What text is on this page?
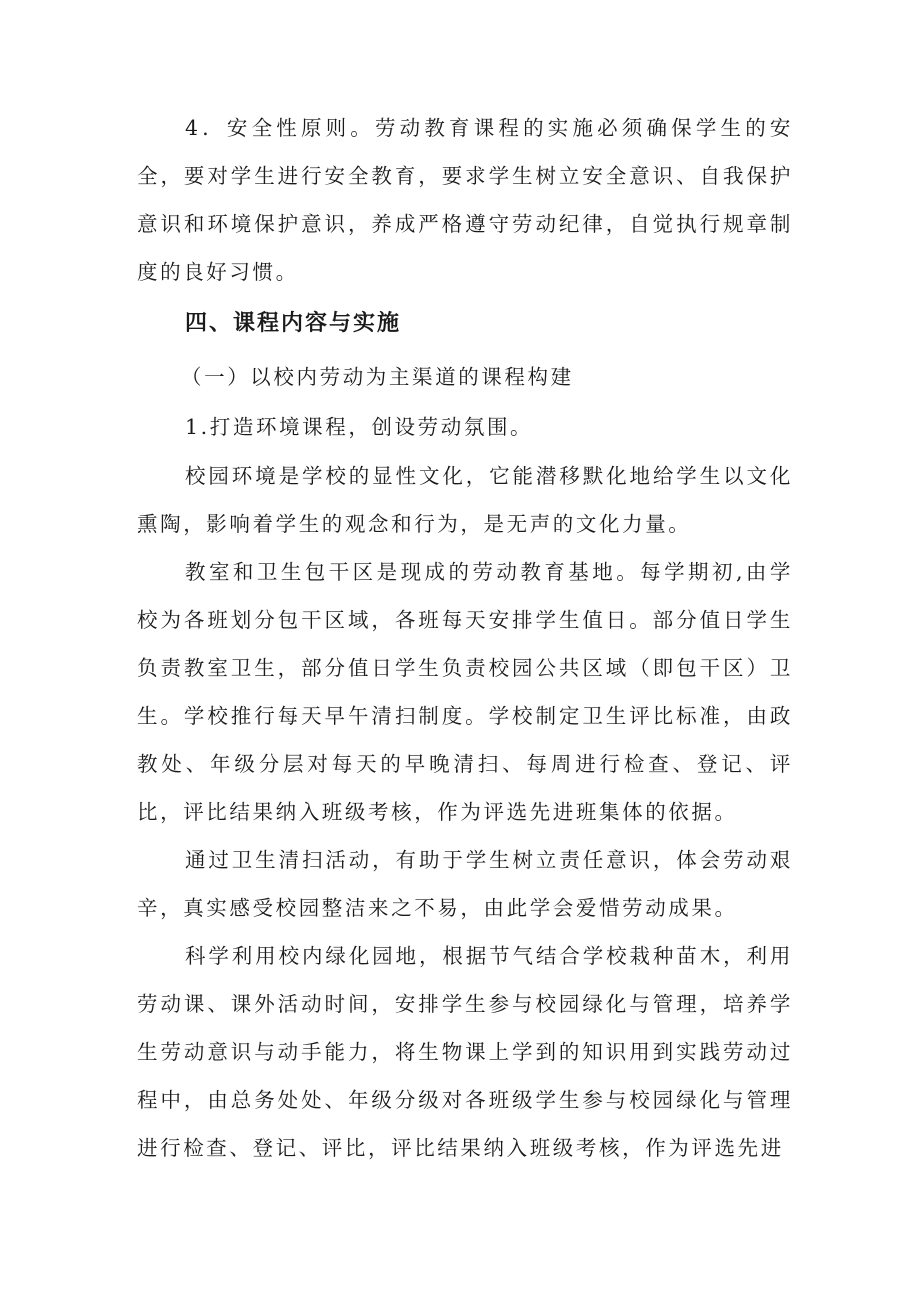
4．安全性原则。劳动教育课程的实施必须确保学生的安全，要对学生进行安全教育，要求学生树立安全意识、自我保护意识和环境保护意识，养成严格遵守劳动纪律，自觉执行规章制度的良好习惯。

四、课程内容与实施

（一）以校内劳动为主渠道的课程构建

1.打造环境课程，创设劳动氛围。

校园环境是学校的显性文化，它能潜移默化地给学生以文化熏陶，影响着学生的观念和行为，是无声的文化力量。

教室和卫生包干区是现成的劳动教育基地。每学期初,由学校为各班划分包干区域，各班每天安排学生值日。部分值日学生负责教室卫生，部分值日学生负责校园公共区域（即包干区）卫生。学校推行每天早午清扫制度。学校制定卫生评比标准，由政教处、年级分层对每天的早晚清扫、每周进行检查、登记、评比，评比结果纳入班级考核，作为评选先进班集体的依据。

通过卫生清扫活动，有助于学生树立责任意识，体会劳动艰辛，真实感受校园整洁来之不易，由此学会爱惜劳动成果。

科学利用校内绿化园地，根据节气结合学校栽种苗木，利用劳动课、课外活动时间，安排学生参与校园绿化与管理，培养学生劳动意识与动手能力，将生物课上学到的知识用到实践劳动过程中，由总务处处、年级分级对各班级学生参与校园绿化与管理进行检查、登记、评比，评比结果纳入班级考核，作为评选先进
